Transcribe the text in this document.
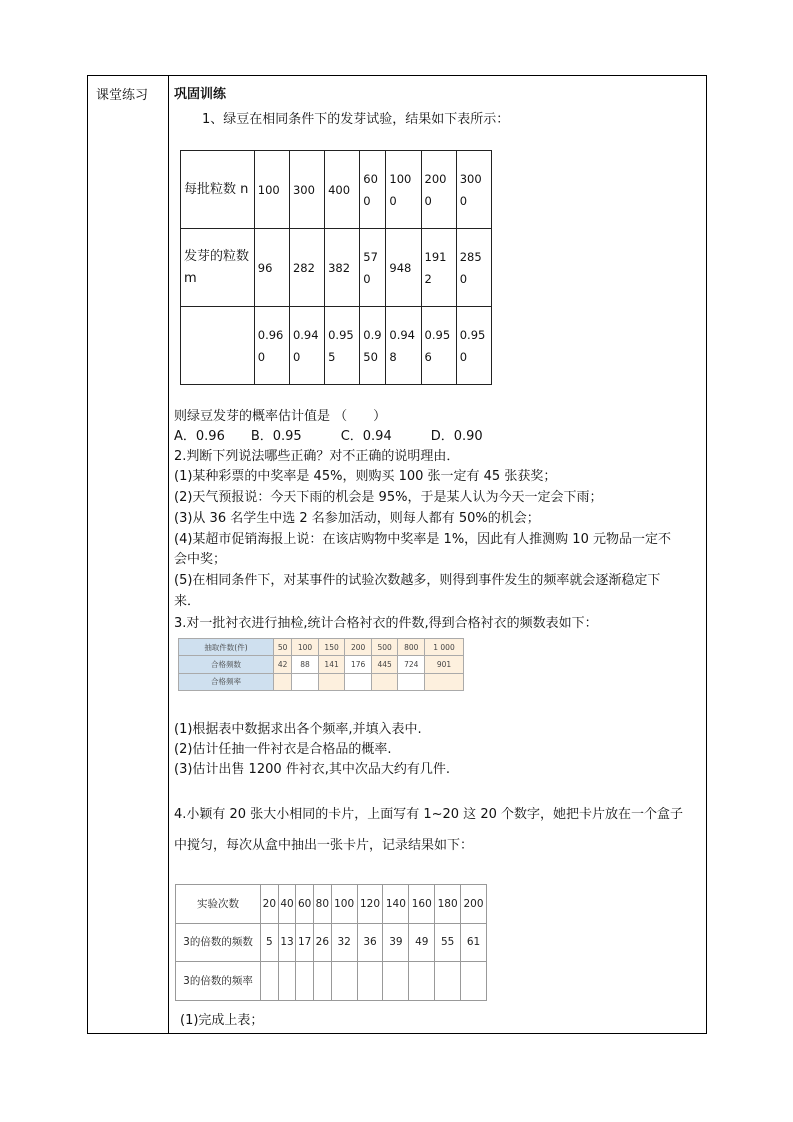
课堂练习 巩固训练
1、绿豆在相同条件下的发芽试验，结果如下表所示：
每批粒数 n	100	300	400	600	1000	2000	3000
发芽的粒数 m	96	282	382	570	948	1912	2850
	0.960	0.940	0.955	0.950	0.948	0.956	0.950
则绿豆发芽的概率估计值是 （　　）
A．0.96　　B．0.95　　　C．0.94　　　D．0.90
2.判断下列说法哪些正确？对不正确的说明理由．
(1)某种彩票的中奖率是 45%，则购买 100 张一定有 45 张获奖；
(2)天气预报说：今天下雨的机会是 95%，于是某人认为今天一定会下雨；
(3)从 36 名学生中选 2 名参加活动，则每人都有 50%的机会；
(4)某超市促销海报上说：在该店购物中奖率是 1%，因此有人推测购 10 元物品一定不
会中奖；
(5)在相同条件下，对某事件的试验次数越多，则得到事件发生的频率就会逐渐稳定下
来．
3.对一批衬衣进行抽检,统计合格衬衣的件数,得到合格衬衣的频数表如下：
抽取件数(件)	50	100	150	200	500	800	1 000
合格频数	42	88	141	176	445	724	901
合格频率							
(1)根据表中数据求出各个频率,并填入表中.
(2)估计任抽一件衬衣是合格品的概率.
(3)估计出售 1200 件衬衣,其中次品大约有几件.
4.小颖有 20 张大小相同的卡片，上面写有 1~20 这 20 个数字，她把卡片放在一个盒子
中搅匀，每次从盒中抽出一张卡片，记录结果如下：
实验次数	20	40	60	80	100	120	140	160	180	200
3的倍数的频数	5	13	17	26	32	36	39	49	55	61
3的倍数的频率										
(1)完成上表；
